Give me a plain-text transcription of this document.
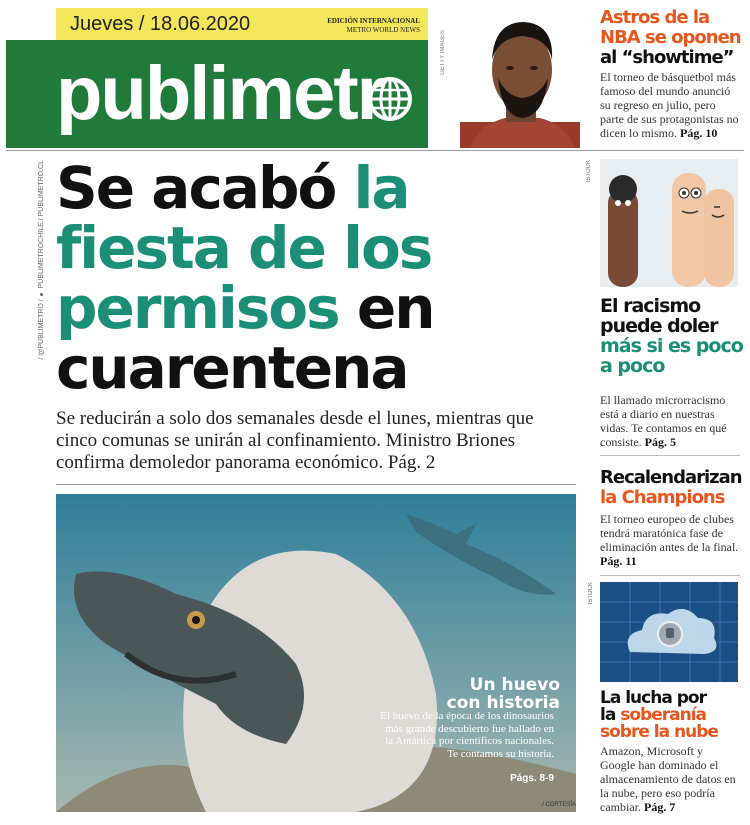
Jueves / 18.06.2020	EDICIÓN INTERNACIONAL
METRO WORLD NEWS
publimetr	GETTY IMAGES
Astros de la NBA se oponen al “showtime”
El torneo de básquetbol más famoso del mundo anunció su regreso en julio, pero parte de sus protagonistas no dicen lo mismo. Pág. 10
ISTOCK
El racismo puede doler más si es poco a poco
El llamado microrracismo está a diario en nuestras vidas. Te contamos en qué consiste. Pág. 5
Recalendarizan
la Champions
El torneo europeo de clubes tendrá maratónica fase de eliminación antes de la final. Pág. 11
ISTOCK
La lucha por
la soberanía sobre la nube
Amazon, Microsoft y Google han dominado el almacenamiento de datos en la nube, pero eso podría cambiar. Pág. 7
/ @PUBLIMETRO / ● PUBLIMETROCHILE / PUBLIMETRO.CL Se acabó la fiesta de los permisos en cuarentena
Se reducirán a solo dos semanales desde el lunes, mientras que cinco comunas se unirán al confinamiento. Ministro Briones confirma demoledor panorama económico. Pág. 2
Un huevo
con historia
El huevo de la época de los dinosaurios más grande descubierto fue hallado en la Antártica por científicos nacionales. Te contamos su historia.
Págs. 8-9
/ CORTESÍA
